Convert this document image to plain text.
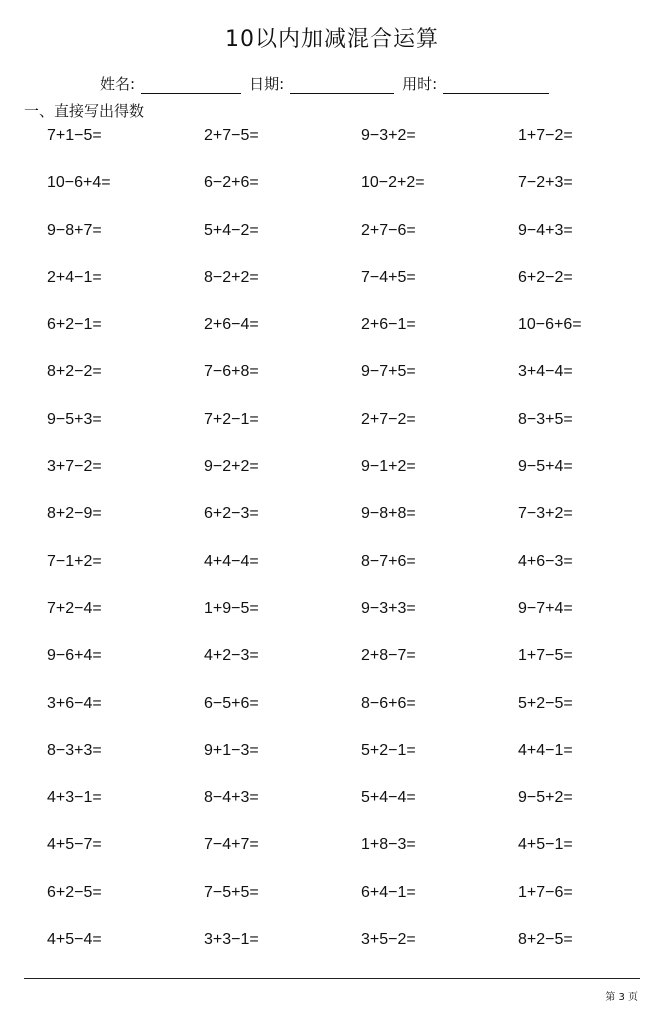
10以内加减混合运算
姓名:	日期:	用时:
一、直接写出得数
7+1−5=	2+7−5=	9−3+2=	1+7−2=
10−6+4=	6−2+6=	10−2+2=	7−2+3=
9−8+7=	5+4−2=	2+7−6=	9−4+3=
2+4−1=	8−2+2=	7−4+5=	6+2−2=
6+2−1=	2+6−4=	2+6−1=	10−6+6=
8+2−2=	7−6+8=	9−7+5=	3+4−4=
9−5+3=	7+2−1=	2+7−2=	8−3+5=
3+7−2=	9−2+2=	9−1+2=	9−5+4=
8+2−9=	6+2−3=	9−8+8=	7−3+2=
7−1+2=	4+4−4=	8−7+6=	4+6−3=
7+2−4=	1+9−5=	9−3+3=	9−7+4=
9−6+4=	4+2−3=	2+8−7=	1+7−5=
3+6−4=	6−5+6=	8−6+6=	5+2−5=
8−3+3=	9+1−3=	5+2−1=	4+4−1=
4+3−1=	8−4+3=	5+4−4=	9−5+2=
4+5−7=	7−4+7=	1+8−3=	4+5−1=
6+2−5=	7−5+5=	6+4−1=	1+7−6=
4+5−4=	3+3−1=	3+5−2=	8+2−5=
第 3 页
